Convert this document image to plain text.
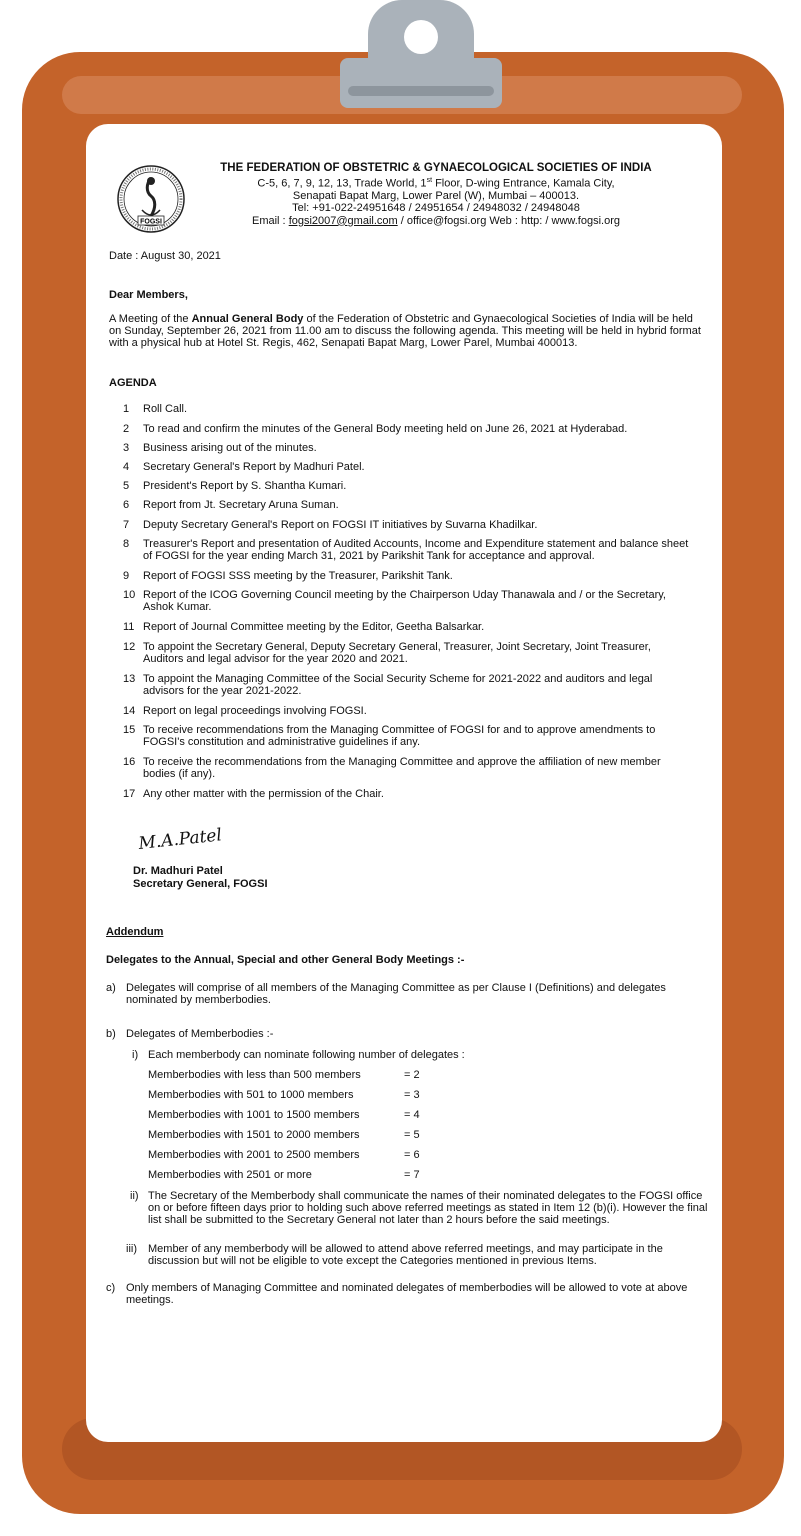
FOGSI
THE FEDERATION OF OBSTETRIC & GYNAECOLOGICAL SOCIETIES OF INDIA
C-5, 6, 7, 9, 12, 13, Trade World, 1st Floor, D-wing Entrance, Kamala City,
Senapati Bapat Marg, Lower Parel (W), Mumbai – 400013.
Tel: +91-022-24951648 / 24951654 / 24948032 / 24948048
Email : fogsi2007@gmail.com / office@fogsi.org Web : http: / www.fogsi.org
Date : August 30, 2021
Dear Members,
A Meeting of the Annual General Body of the Federation of Obstetric and Gynaecological Societies of India will be held on Sunday, September 26, 2021 from 11.00 am to discuss the following agenda. This meeting will be held in hybrid format with a physical hub at Hotel St. Regis, 462, Senapati Bapat Marg, Lower Parel, Mumbai 400013.
AGENDA
1	Roll Call.
2	To read and confirm the minutes of the General Body meeting held on June 26, 2021 at Hyderabad.
3	Business arising out of the minutes.
4	Secretary General's Report by Madhuri Patel.
5	President's Report by S. Shantha Kumari.
6	Report from Jt. Secretary Aruna Suman.
7	Deputy Secretary General's Report on FOGSI IT initiatives by Suvarna Khadilkar.
8	Treasurer's Report and presentation of Audited Accounts, Income and Expenditure statement and balance sheet of FOGSI for the year ending March 31, 2021 by Parikshit Tank for acceptance and approval.
9	Report of FOGSI SSS meeting by the Treasurer, Parikshit Tank.
10 Report of the ICOG Governing Council meeting by the Chairperson Uday Thanawala and / or the Secretary, Ashok Kumar.
11 Report of Journal Committee meeting by the Editor, Geetha Balsarkar.
12 To appoint the Secretary General, Deputy Secretary General, Treasurer, Joint Secretary, Joint Treasurer, Auditors and legal advisor for the year 2020 and 2021.
13 To appoint the Managing Committee of the Social Security Scheme for 2021-2022 and auditors and legal advisors for the year 2021-2022.
14 Report on legal proceedings involving FOGSI.
15 To receive recommendations from the Managing Committee of FOGSI for and to approve amendments to FOGSI's constitution and administrative guidelines if any.
16 To receive the recommendations from the Managing Committee and approve the affiliation of new member bodies (if any).
17 Any other matter with the permission of the Chair.
M.A.Patel
Dr. Madhuri Patel
Secretary General, FOGSI
Addendum
Delegates to the Annual, Special and other General Body Meetings :-
a) Delegates will comprise of all members of the Managing Committee as per Clause I (Definitions) and delegates nominated by memberbodies.
b) Delegates of Memberbodies :-
i) Each memberbody can nominate following number of delegates :
Memberbodies with less than 500 members	= 2
Memberbodies with 501 to 1000 members	= 3
Memberbodies with 1001 to 1500 members	= 4
Memberbodies with 1501 to 2000 members	= 5
Memberbodies with 2001 to 2500 members	= 6
Memberbodies with 2501 or more	= 7
ii) The Secretary of the Memberbody shall communicate the names of their nominated delegates to the FOGSI office on or before fifteen days prior to holding such above referred meetings as stated in Item 12 (b)(i). However the final list shall be submitted to the Secretary General not later than 2 hours before the said meetings.
iii) Member of any memberbody will be allowed to attend above referred meetings, and may participate in the discussion but will not be eligible to vote except the Categories mentioned in previous Items.
c) Only members of Managing Committee and nominated delegates of memberbodies will be allowed to vote at above meetings.
